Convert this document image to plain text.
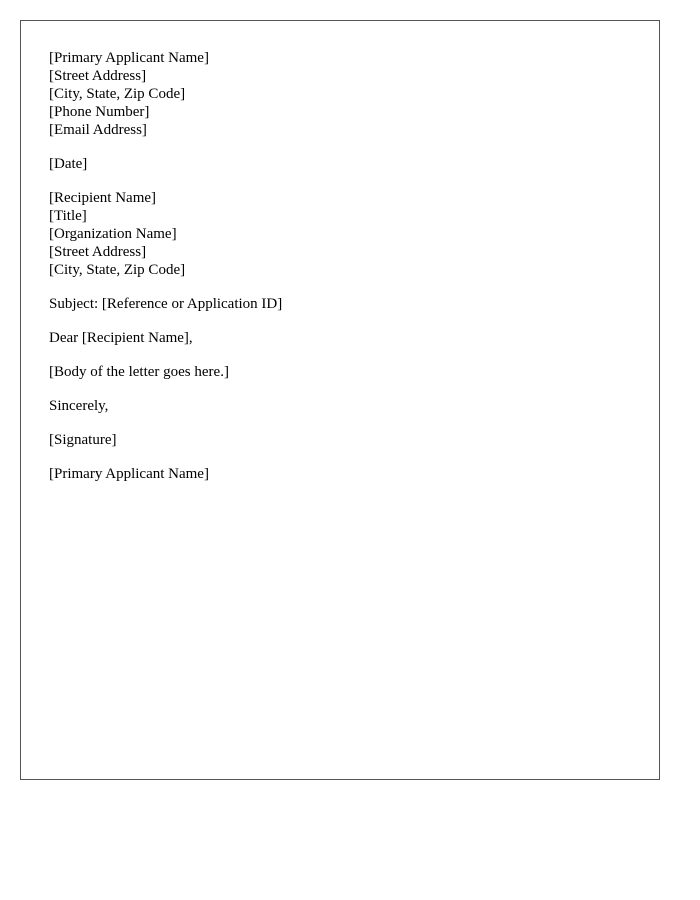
[Primary Applicant Name]
[Street Address]
[City, State, Zip Code]
[Phone Number]
[Email Address]
[Date]
[Recipient Name]
[Title]
[Organization Name]
[Street Address]
[City, State, Zip Code]
Subject: [Reference or Application ID]
Dear [Recipient Name],
[Body of the letter goes here.]
Sincerely,
[Signature]
[Primary Applicant Name]
